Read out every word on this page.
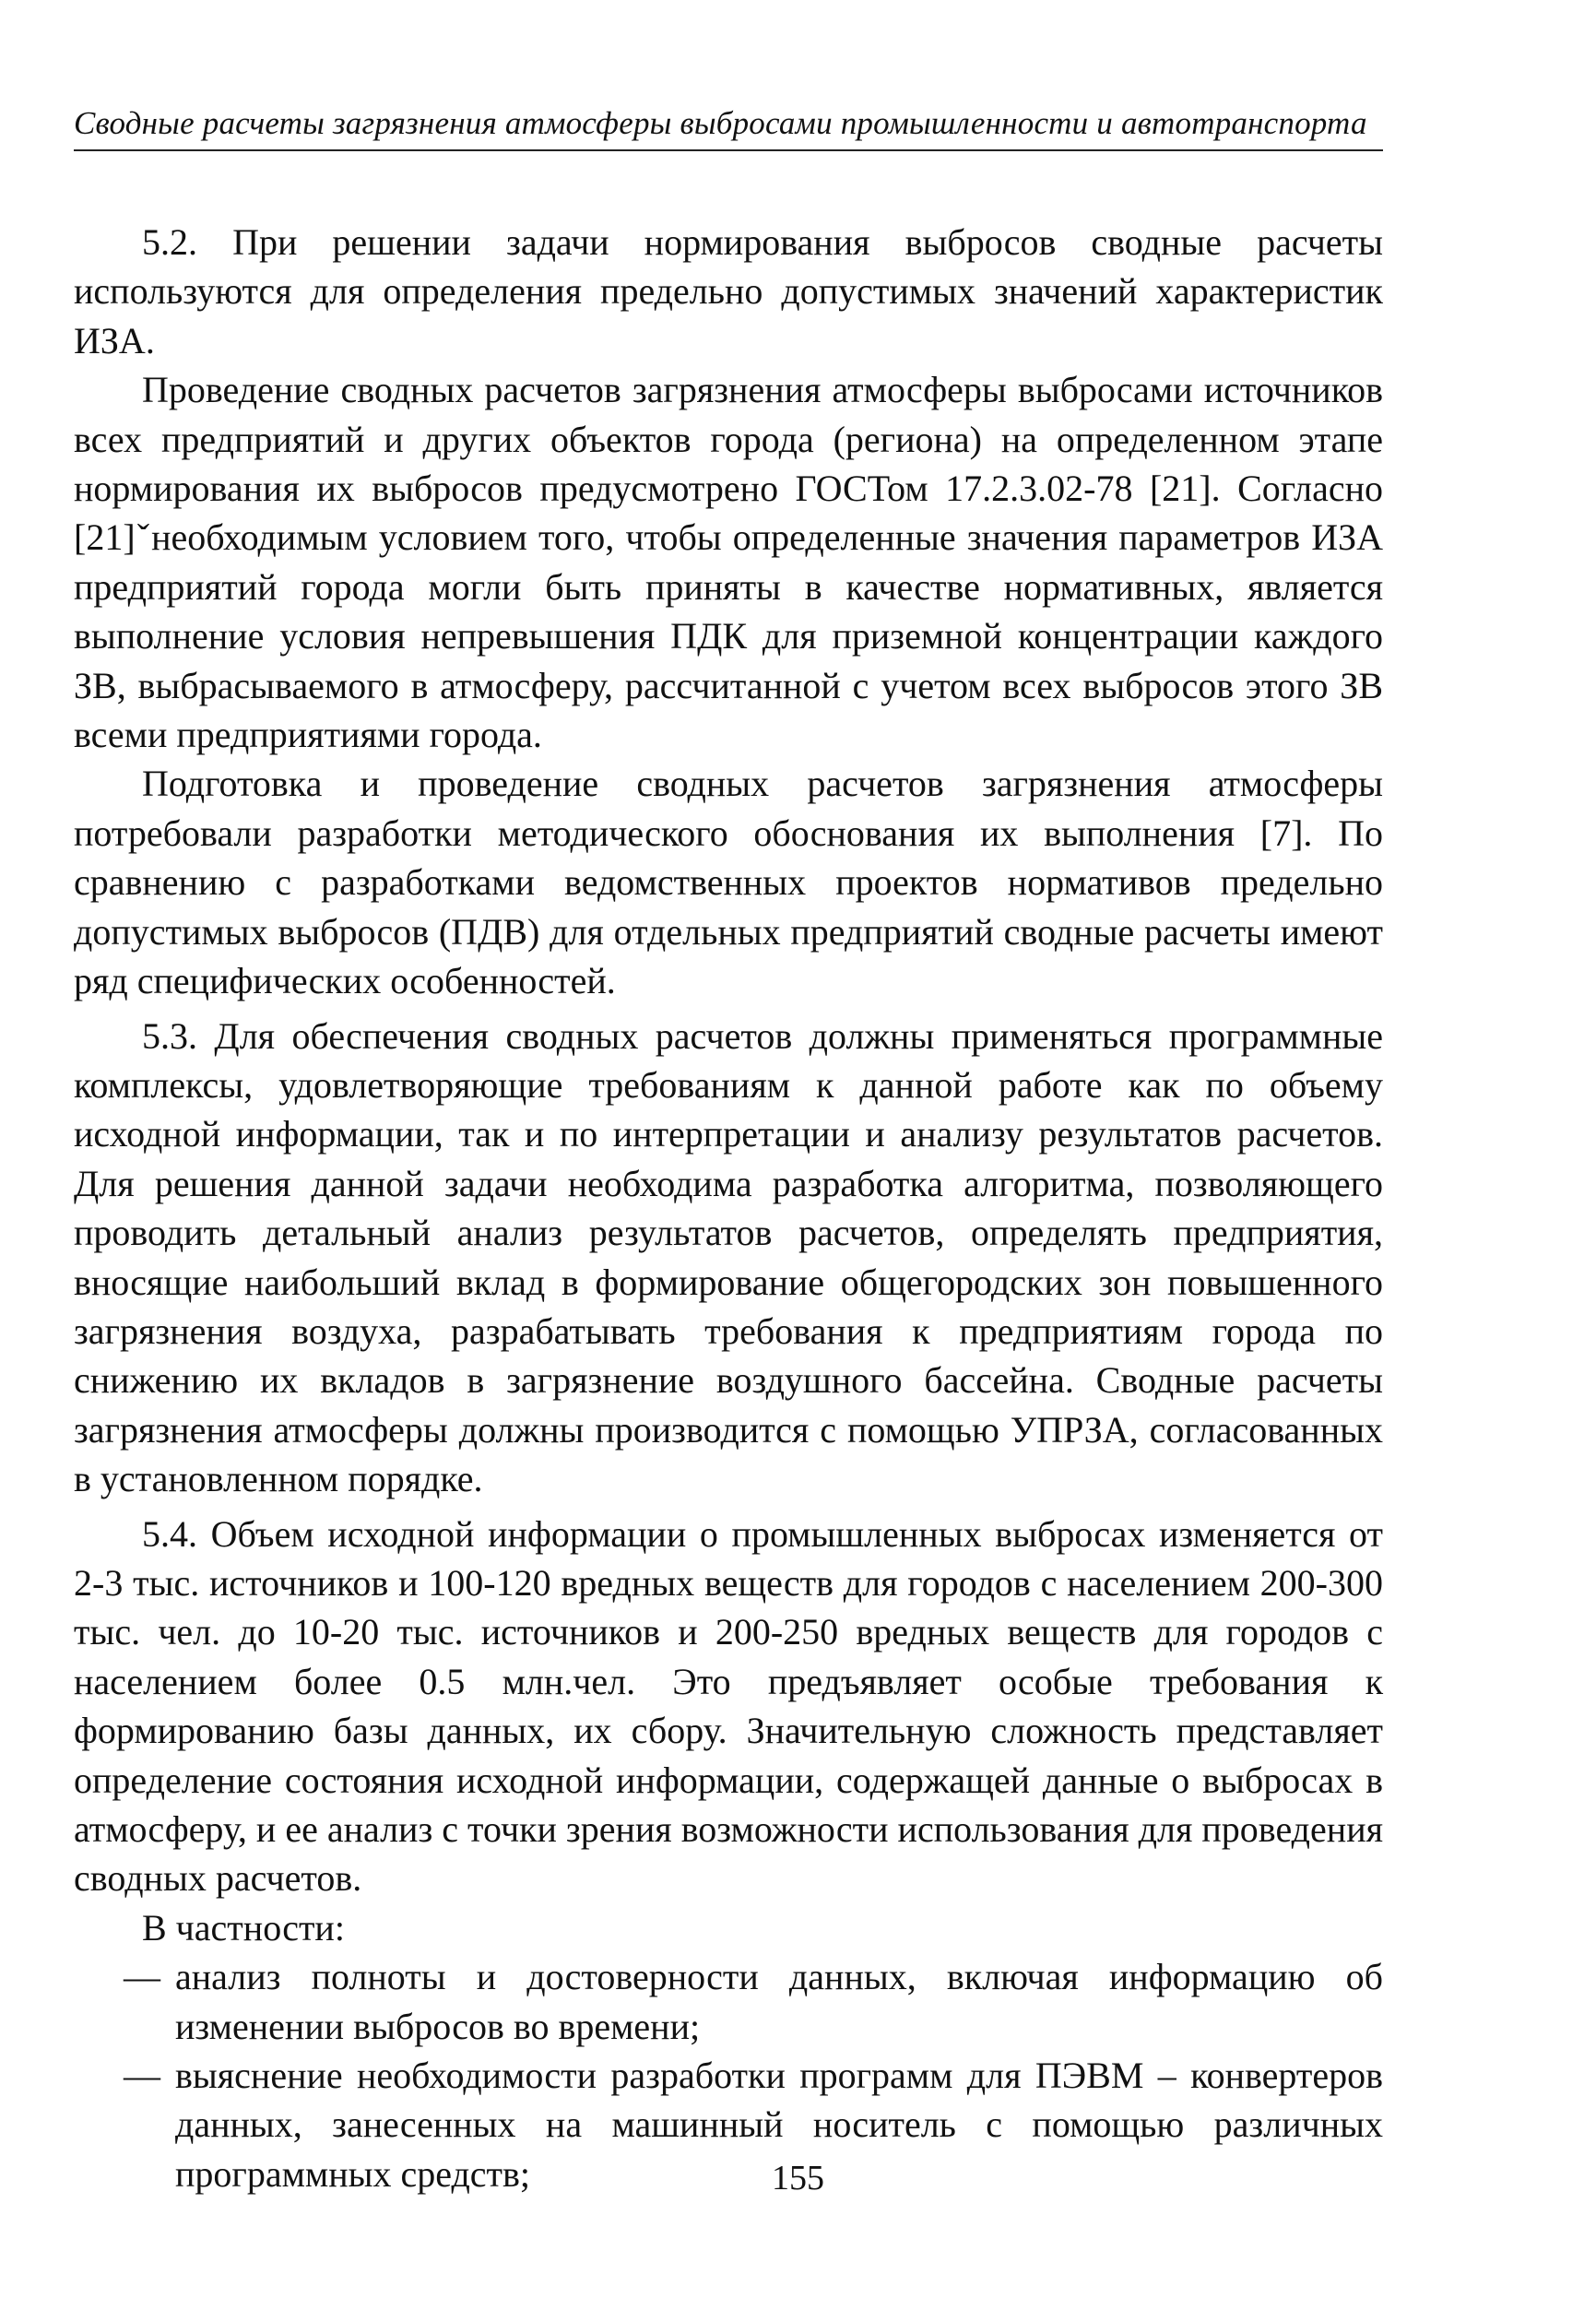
Сводные расчеты загрязнения атмосферы выбросами промышленности и автотранспорта

5.2. При решении задачи нормирования выбросов сводные расчеты используются для определения предельно допустимых значений характеристик ИЗА.

Проведение сводных расчетов загрязнения атмосферы выбросами источников всех предприятий и других объектов города (региона) на определенном этапе нормирования их выбросов предусмотрено ГОСТом 17.2.3.02-78 [21]. Согласно [21]ˇнеобходимым условием того, чтобы определенные значения параметров ИЗА предприятий города могли быть приняты в качестве нормативных, является выполнение условия непревышения ПДК для приземной концентрации каждого ЗВ, выбрасываемого в атмосферу, рассчитанной с учетом всех выбросов этого ЗВ всеми предприятиями города.

Подготовка и проведение сводных расчетов загрязнения атмосферы потребовали разработки методического обоснования их выполнения [7]. По сравнению с разработками ведомственных проектов нормативов предельно допустимых выбросов (ПДВ) для отдельных предприятий сводные расчеты имеют ряд специфических особенностей.

5.3. Для обеспечения сводных расчетов должны применяться программные комплексы, удовлетворяющие требованиям к данной работе как по объему исходной информации, так и по интерпретации и анализу результатов расчетов. Для решения данной задачи необходима разработка алгоритма, позволяющего проводить детальный анализ результатов расчетов, определять предприятия, вносящие наибольший вклад в формирование общегородских зон повышенного загрязнения воздуха, разрабатывать требования к предприятиям города по снижению их вкладов в загрязнение воздушного бассейна. Сводные расчеты загрязнения атмосферы должны производится с помощью УПРЗА, согласованных в установленном порядке.

5.4. Объем исходной информации о промышленных выбросах изменяется от 2-3 тыс. источников и 100-120 вредных веществ для городов с населением 200-300 тыс. чел. до 10-20 тыс. источников и 200-250 вредных веществ для городов с населением более 0.5 млн.чел. Это предъявляет особые требования к формированию базы данных, их сбору. Значительную сложность представляет определение состояния исходной информации, содержащей данные о выбросах в атмосферу, и ее анализ с точки зрения возможности использования для проведения сводных расчетов.

В частности:

— анализ полноты и достоверности данных, включая информацию об изменении выбросов во времени;
— выяснение необходимости разработки программ для ПЭВМ – конвертеров данных, занесенных на машинный носитель с помощью различных программных средств;	155
